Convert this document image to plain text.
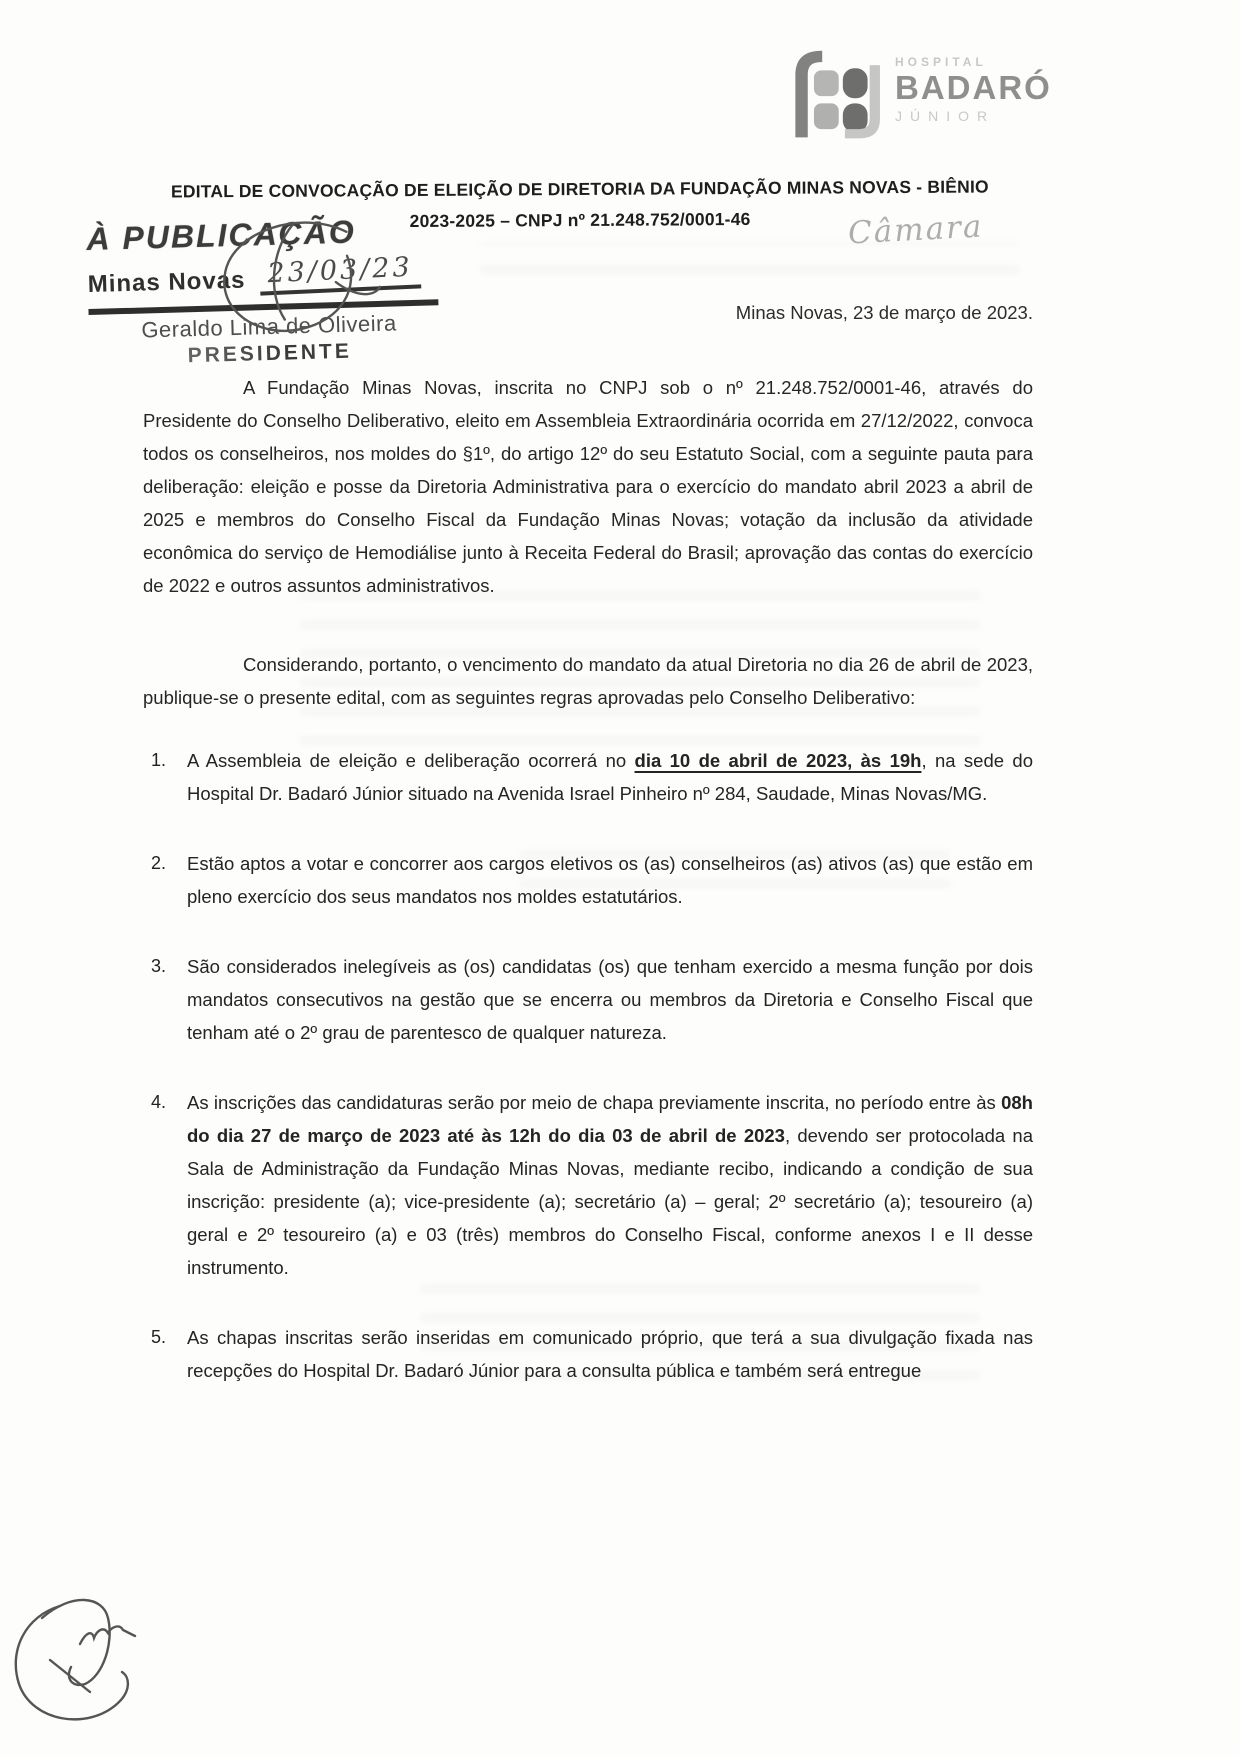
HOSPITAL
BADARÓ
JÚNIOR
EDITAL DE CONVOCAÇÃO DE ELEIÇÃO DE DIRETORIA DA FUNDAÇÃO MINAS NOVAS - BIÊNIO
2023-2025 – CNPJ nº 21.248.752/0001-46	Câmara
À PUBLICAÇÃO
Minas Novas 23/03/23
Geraldo Lima de Oliveira
PRESIDENTE
Minas Novas, 23 de março de 2023.

A Fundação Minas Novas, inscrita no CNPJ sob o nº 21.248.752/0001-46, através do Presidente do Conselho Deliberativo, eleito em Assembleia Extraordinária ocorrida em 27/12/2022, convoca todos os conselheiros, nos moldes do §1º, do artigo 12º do seu Estatuto Social, com a seguinte pauta para deliberação: eleição e posse da Diretoria Administrativa para o exercício do mandato abril 2023 a abril de 2025 e membros do Conselho Fiscal da Fundação Minas Novas; votação da inclusão da atividade econômica do serviço de Hemodiálise junto à Receita Federal do Brasil; aprovação das contas do exercício de 2022 e outros assuntos administrativos.

Considerando, portanto, o vencimento do mandato da atual Diretoria no dia 26 de abril de 2023, publique-se o presente edital, com as seguintes regras aprovadas pelo Conselho Deliberativo:

1.	A Assembleia de eleição e deliberação ocorrerá no dia 10 de abril de 2023, às 19h, na sede do Hospital Dr. Badaró Júnior situado na Avenida Israel Pinheiro nº 284, Saudade, Minas Novas/MG.
2.	Estão aptos a votar e concorrer aos cargos eletivos os (as) conselheiros (as) ativos (as) que estão em pleno exercício dos seus mandatos nos moldes estatutários.
3.	São considerados inelegíveis as (os) candidatas (os) que tenham exercido a mesma função por dois mandatos consecutivos na gestão que se encerra ou membros da Diretoria e Conselho Fiscal que tenham até o 2º grau de parentesco de qualquer natureza.
4.	As inscrições das candidaturas serão por meio de chapa previamente inscrita, no período entre às 08h do dia 27 de março de 2023 até às 12h do dia 03 de abril de 2023, devendo ser protocolada na Sala de Administração da Fundação Minas Novas, mediante recibo, indicando a condição de sua inscrição: presidente (a); vice-presidente (a); secretário (a) – geral; 2º secretário (a); tesoureiro (a) geral e 2º tesoureiro (a) e 03 (três) membros do Conselho Fiscal, conforme anexos I e II desse instrumento.
5.	As chapas inscritas serão inseridas em comunicado próprio, que terá a sua divulgação fixada nas recepções do Hospital Dr. Badaró Júnior para a consulta pública e também será entregue
